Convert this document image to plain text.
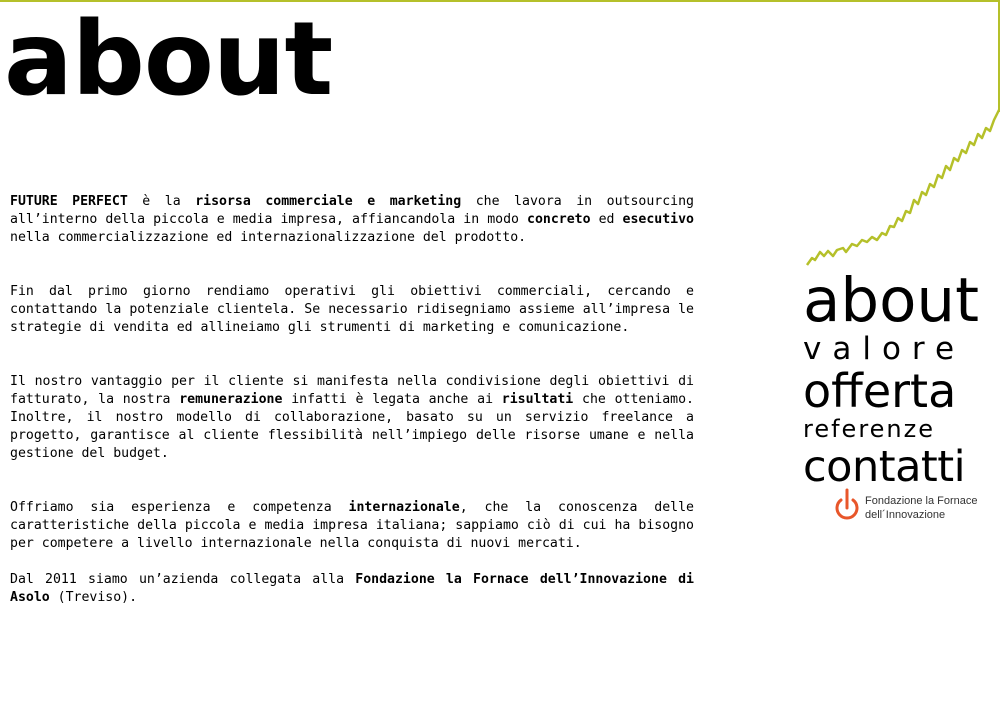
about

FUTURE PERFECT è la risorsa commerciale e marketing che lavora in outsourcing all’interno della piccola e media impresa, affiancandola in modo concreto ed esecutivo nella commercializzazione ed internazionalizzazione del prodotto.

Fin dal primo giorno rendiamo operativi gli obiettivi commerciali, cercando e contattando la potenziale clientela. Se necessario ridisegniamo assieme all’impresa le strategie di vendita ed allineiamo gli strumenti di marketing e comunicazione.

Il nostro vantaggio per il cliente si manifesta nella condivisione degli obiettivi di fatturato, la nostra remunerazione infatti è legata anche ai risultati che otteniamo. Inoltre, il nostro modello di collaborazione, basato su un servizio freelance a progetto, garantisce al cliente flessibilità nell’impiego delle risorse umane e nella gestione del budget.

Offriamo sia esperienza e competenza internazionale, che la conoscenza delle caratteristiche della piccola e media impresa italiana; sappiamo ciò di cui ha bisogno per competere a livello internazionale nella conquista di nuovi mercati.

Dal 2011 siamo un’azienda collegata alla Fondazione la Fornace dell’Innovazione di Asolo (Treviso).

about
valore
offerta
referenze
contatti
Fondazione la Fornace
dell´Innovazione
